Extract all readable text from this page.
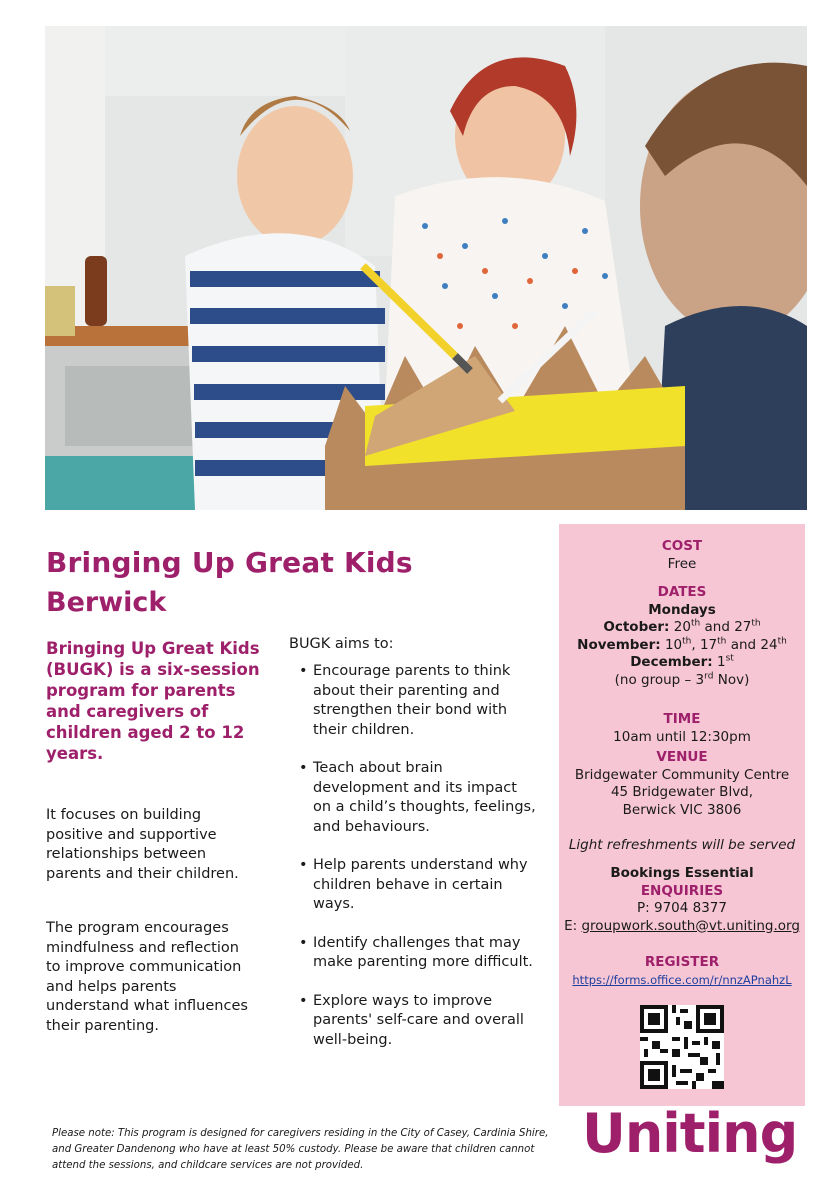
Bringing Up Great Kids
Berwick

Bringing Up Great Kids (BUGK) is a six-session program for parents and caregivers of children aged 2 to 12 years.

It focuses on building positive and supportive relationships between parents and their children.

The program encourages mindfulness and reflection to improve communication and helps parents understand what influences their parenting.

BUGK aims to:

• Encourage parents to think about their parenting and strengthen their bond with their children.
• Teach about brain development and its impact on a child’s thoughts, feelings, and behaviours.
• Help parents understand why children behave in certain ways.
• Identify challenges that may make parenting more difficult.
• Explore ways to improve parents' self-care and overall well-being.
COST
Free
DATES
Mondays
October: 20th and 27th
November: 10th, 17th and 24th
December: 1st
(no group – 3rd Nov)
TIME
10am until 12:30pm
VENUE
Bridgewater Community Centre
45 Bridgewater Blvd,
Berwick VIC 3806
Light refreshments will be served
Bookings Essential
ENQUIRIES
P: 9704 8377
E: groupwork.south@vt.uniting.org
REGISTER
https://forms.office.com/r/nnzAPnahzL

Please note: This program is designed for caregivers residing in the City of Casey, Cardinia Shire, and Greater Dandenong who have at least 50% custody. Please be aware that children cannot attend the sessions, and childcare services are not provided.

Uniting
